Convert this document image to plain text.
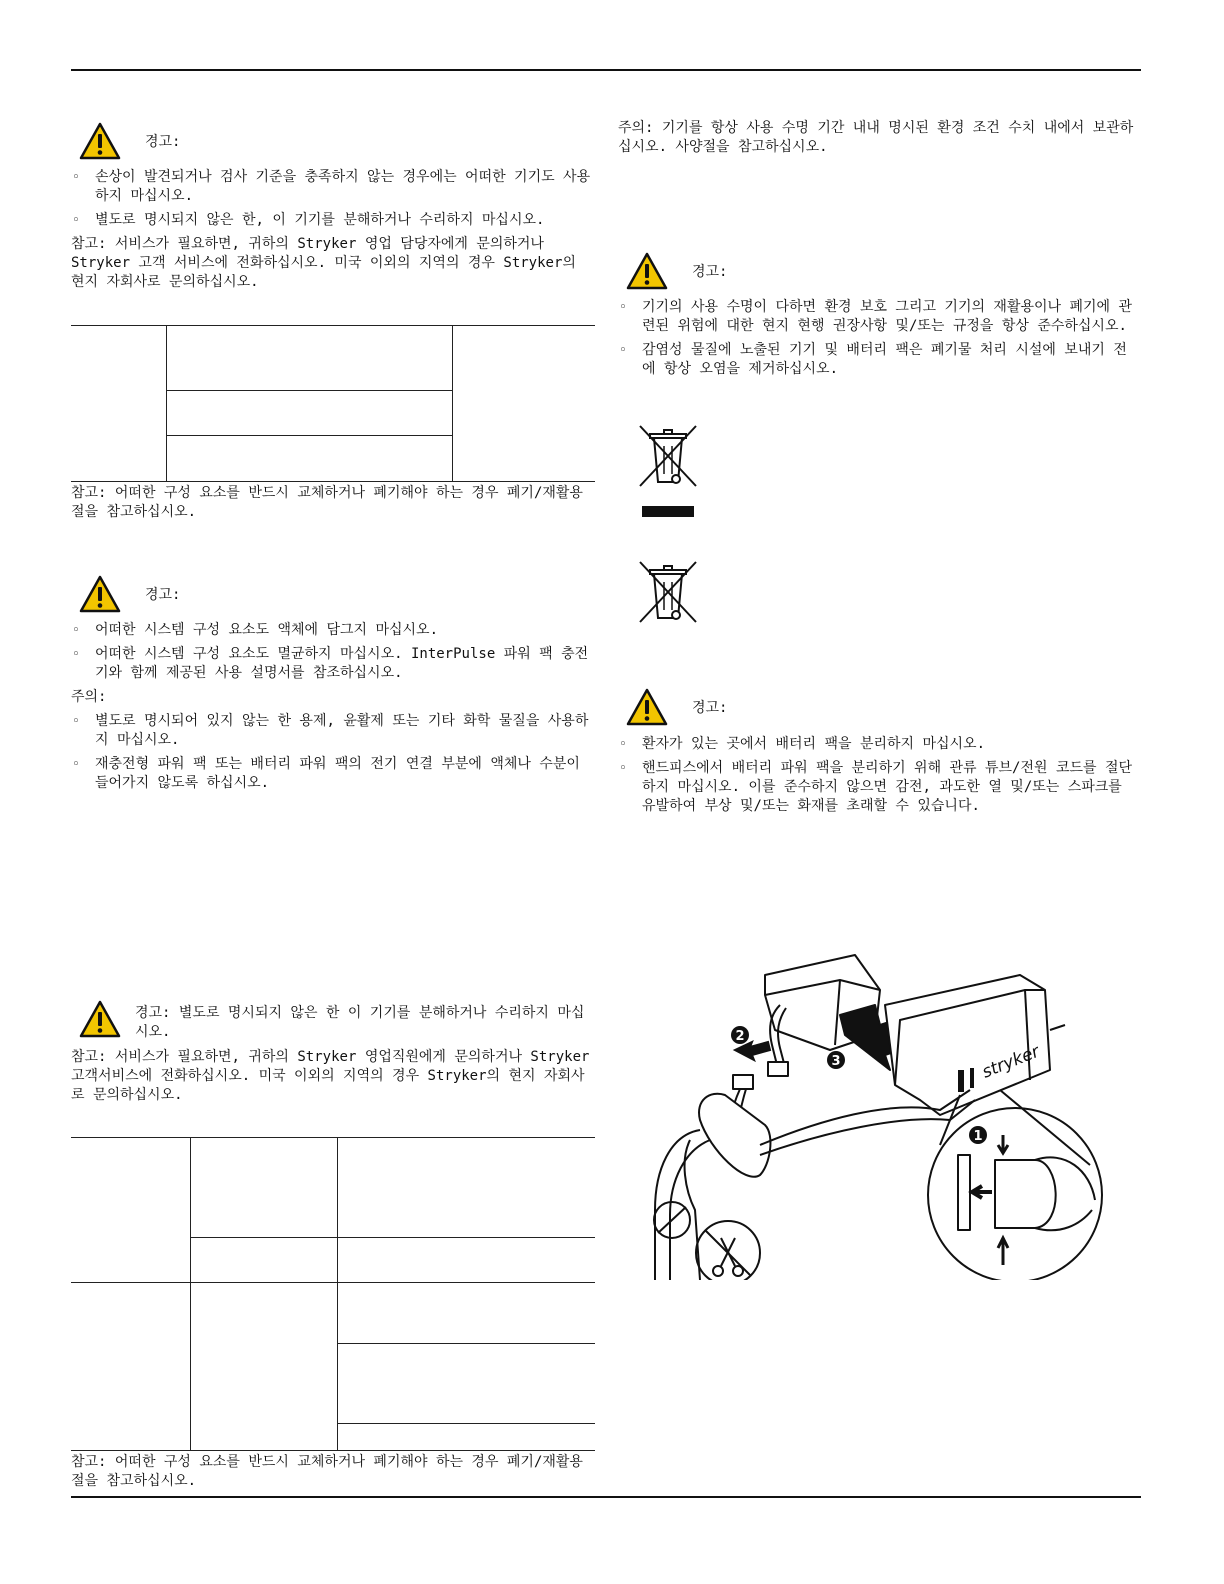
경고:
◦ 손상이 발견되거나 검사 기준을 충족하지 않는 경우에는 어떠한 기기도 사용하지 마십시오.
◦ 별도로 명시되지 않은 한, 이 기기를 분해하거나 수리하지 마십시오.

참고: 서비스가 필요하면, 귀하의 Stryker 영업 담당자에게 문의하거나 Stryker 고객 서비스에 전화하십시오. 미국 이외의 지역의 경우 Stryker의 현지 자회사로 문의하십시오.

참고: 어떠한 구성 요소를 반드시 교체하거나 폐기해야 하는 경우 폐기/재활용절을 참고하십시오.
경고:
◦ 어떠한 시스템 구성 요소도 액체에 담그지 마십시오.
◦ 어떠한 시스템 구성 요소도 멸균하지 마십시오. InterPulse 파워 팩 충전기와 함께 제공된 사용 설명서를 참조하십시오.

주의:

◦ 별도로 명시되어 있지 않는 한 용제, 윤활제 또는 기타 화학 물질을 사용하지 마십시오.
◦ 재충전형 파워 팩 또는 배터리 파워 팩의 전기 연결 부분에 액체나 수분이 들어가지 않도록 하십시오.
경고: 별도로 명시되지 않은 한 이 기기를 분해하거나 수리하지 마십시오.
참고: 서비스가 필요하면, 귀하의 Stryker 영업직원에게 문의하거나 Stryker 고객서비스에 전화하십시오. 미국 이외의 지역의 경우 Stryker의 현지 자회사로 문의하십시오.
참고: 어떠한 구성 요소를 반드시 교체하거나 폐기해야 하는 경우 폐기/재활용절을 참고하십시오.
주의: 기기를 항상 사용 수명 기간 내내 명시된 환경 조건 수치 내에서 보관하십시오. 사양절을 참고하십시오.
경고:
◦ 기기의 사용 수명이 다하면 환경 보호 그리고 기기의 재활용이나 폐기에 관련된 위험에 대한 현지 현행 권장사항 및/또는 규정을 항상 준수하십시오.
◦ 감염성 물질에 노출된 기기 및 배터리 팩은 폐기물 처리 시설에 보내기 전에 항상 오염을 제거하십시오.
경고:
◦ 환자가 있는 곳에서 배터리 팩을 분리하지 마십시오.
◦ 핸드피스에서 배터리 파워 팩을 분리하기 위해 관류 튜브/전원 코드를 절단하지 마십시오. 이를 준수하지 않으면 감전, 과도한 열 및/또는 스파크를 유발하여 부상 및/또는 화재를 초래할 수 있습니다.
2
3
1
stryker
